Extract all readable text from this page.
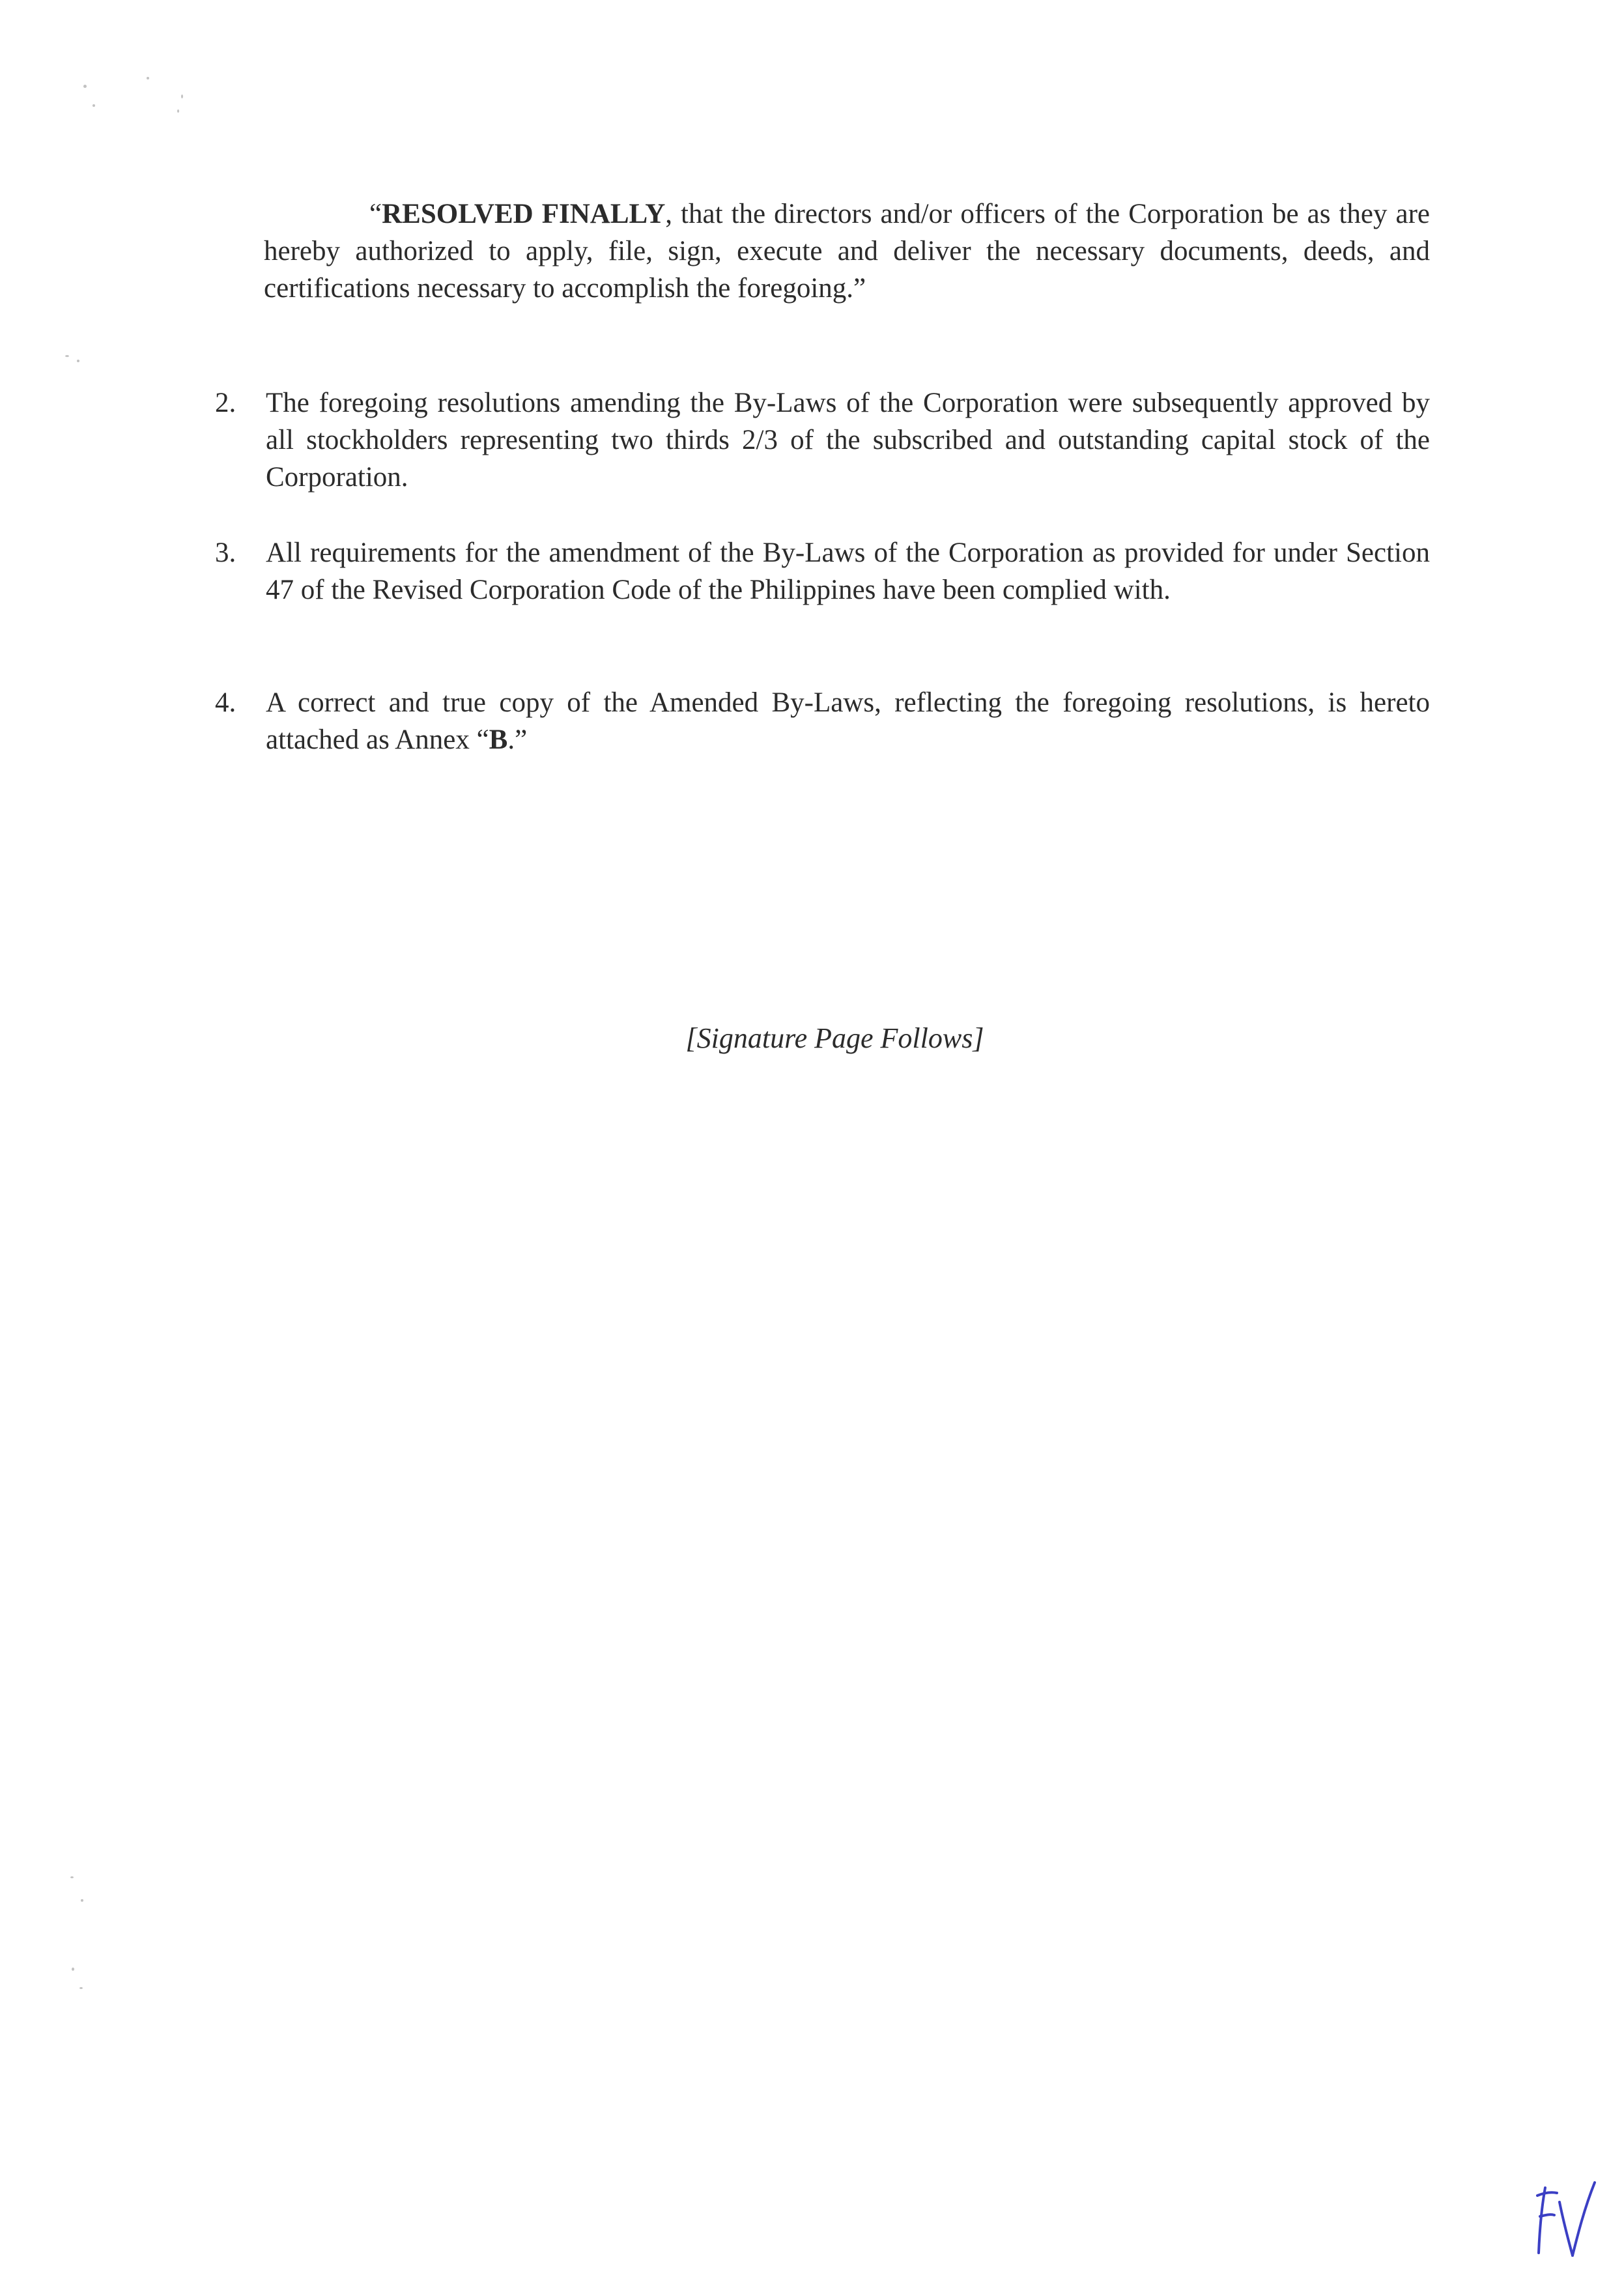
“RESOLVED FINALLY, that the directors and/or officers of the Corporation be as they are hereby authorized to apply, file, sign, execute and deliver the necessary documents, deeds, and certifications necessary to accomplish the foregoing.”
2.	The foregoing resolutions amending the By-Laws of the Corporation were subsequently approved by all stockholders representing two thirds 2/3 of the subscribed and outstanding capital stock of the Corporation.
3.	All requirements for the amendment of the By-Laws of the Corporation as provided for under Section 47 of the Revised Corporation Code of the Philippines have been complied with.
4.	A correct and true copy of the Amended By-Laws, reflecting the foregoing resolutions, is hereto attached as Annex “B.”
[Signature Page Follows]
